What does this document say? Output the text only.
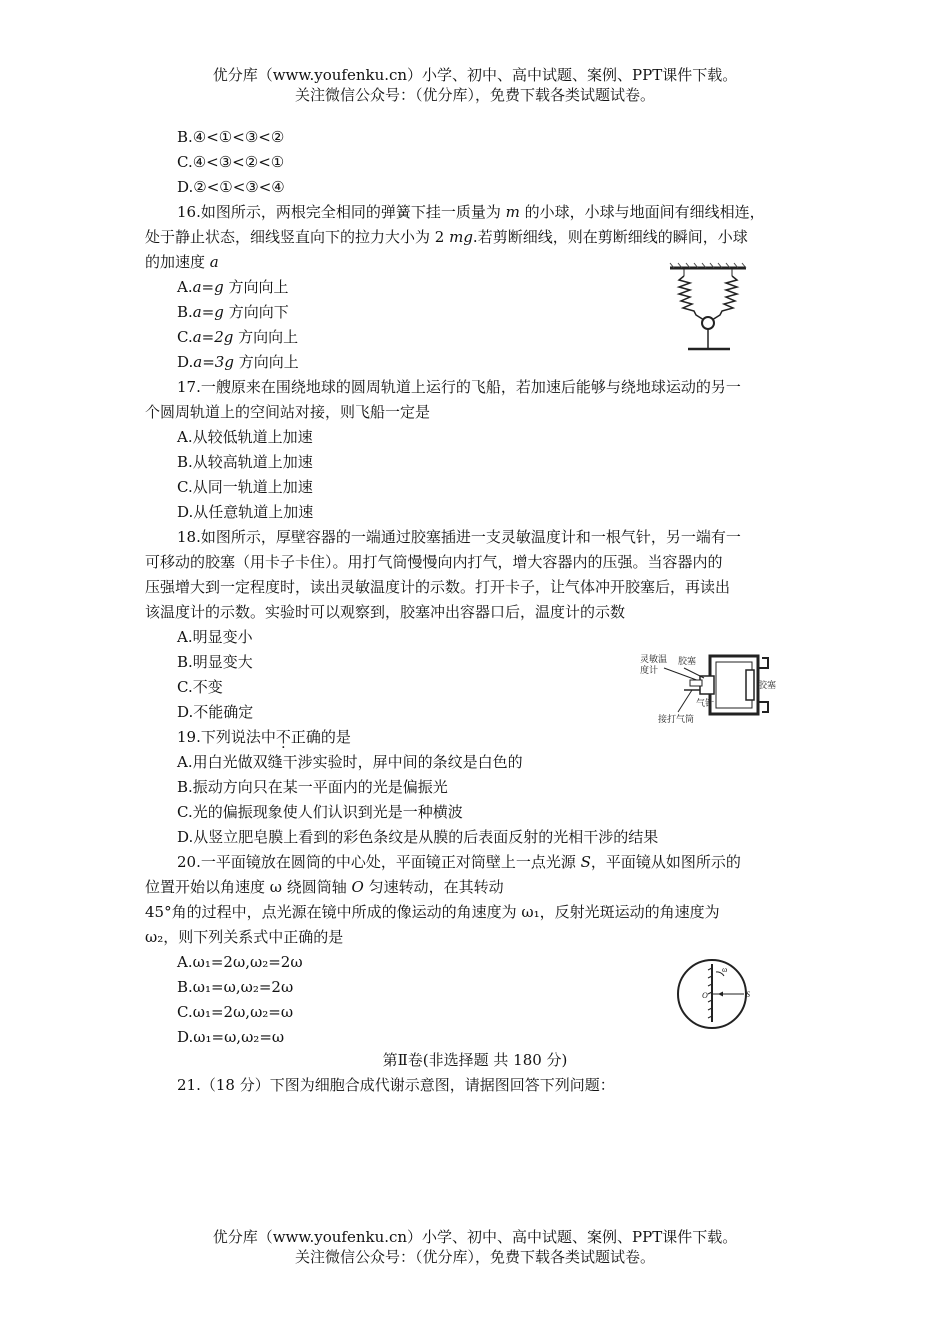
优分库（www.youfenku.cn）小学、初中、高中试题、案例、PPT课件下载。
关注微信公众号：（优分库），免费下载各类试题试卷。
B.④<①<③<②
C.④<③<②<①
D.②<①<③<④
16.如图所示，两根完全相同的弹簧下挂一质量为 m 的小球，小球与地面间有细线相连，
处于静止状态，细线竖直向下的拉力大小为 2 mg.若剪断细线，则在剪断细线的瞬间，小球
的加速度 a
A.a=g 方向向上
B.a=g 方向向下
C.a=2g 方向向上
D.a=3g 方向向上
17.一艘原来在围绕地球的圆周轨道上运行的飞船，若加速后能够与绕地球运动的另一
个圆周轨道上的空间站对接，则飞船一定是
A.从较低轨道上加速
B.从较高轨道上加速
C.从同一轨道上加速
D.从任意轨道上加速
18.如图所示，厚壁容器的一端通过胶塞插进一支灵敏温度计和一根气针，另一端有一
可移动的胶塞（用卡子卡住）。用打气筒慢慢向内打气，增大容器内的压强。当容器内的
压强增大到一定程度时，读出灵敏温度计的示数。打开卡子，让气体冲开胶塞后，再读出
该温度计的示数。实验时可以观察到，胶塞冲出容器口后，温度计的示数
A.明显变小
B.明显变大
C.不变
D.不能确定
灵敏温
度计
胶塞
胶塞
气针
接打气筒
19.下列说法中不正确的是
A.用白光做双缝干涉实验时，屏中间的条纹是白色的
B.振动方向只在某一平面内的光是偏振光
C.光的偏振现象使人们认识到光是一种横波
D.从竖立肥皂膜上看到的彩色条纹是从膜的后表面反射的光相干涉的结果
20.一平面镜放在圆筒的中心处，平面镜正对筒壁上一点光源 S，平面镜从如图所示的
位置开始以角速度 ω 绕圆筒轴 O 匀速转动，在其转动
45°角的过程中，点光源在镜中所成的像运动的角速度为 ω₁，反射光斑运动的角速度为
ω₂，则下列关系式中正确的是
A.ω₁=2ω,ω₂=2ω
B.ω₁=ω,ω₂=2ω
C.ω₁=2ω,ω₂=ω
D.ω₁=ω,ω₂=ω
ω
O	S
第Ⅱ卷(非选择题 共 180 分)
21.（18 分）下图为细胞合成代谢示意图，请据图回答下列问题：
优分库（www.youfenku.cn）小学、初中、高中试题、案例、PPT课件下载。
关注微信公众号：（优分库），免费下载各类试题试卷。
